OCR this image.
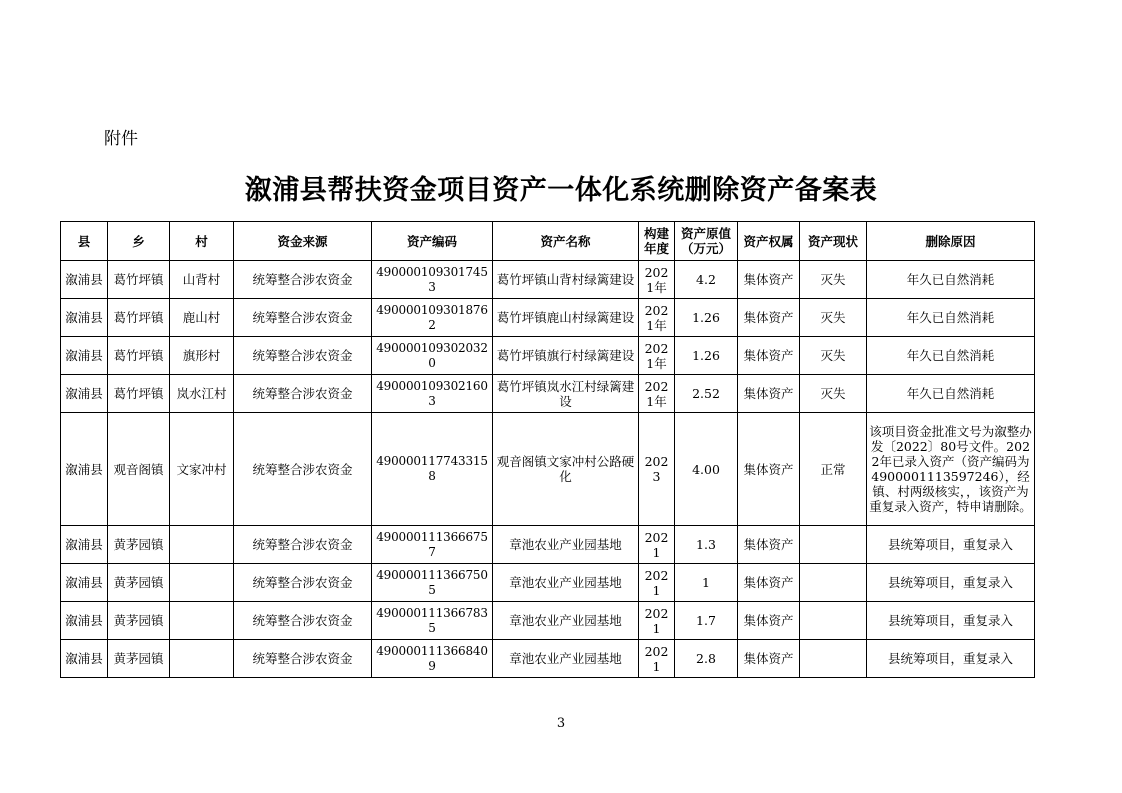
附件
溆浦县帮扶资金项目资产一体化系统删除资产备案表
县	乡	村	资金来源	资产编码	资产名称	构建年度	资产原值（万元）	资产权属	资产现状	删除原因
溆浦县	葛竹坪镇	山背村	统筹整合涉农资金	4900001093017453	葛竹坪镇山背村绿篱建设	2021年	4.2	集体资产	灭失	年久已自然消耗
溆浦县	葛竹坪镇	鹿山村	统筹整合涉农资金	4900001093018762	葛竹坪镇鹿山村绿篱建设	2021年	1.26	集体资产	灭失	年久已自然消耗
溆浦县	葛竹坪镇	旗形村	统筹整合涉农资金	4900001093020320	葛竹坪镇旗行村绿篱建设	2021年	1.26	集体资产	灭失	年久已自然消耗
溆浦县	葛竹坪镇	岚水江村	统筹整合涉农资金	4900001093021603	葛竹坪镇岚水江村绿篱建设	2021年	2.52	集体资产	灭失	年久已自然消耗
溆浦县	观音阁镇	文家冲村	统筹整合涉农资金	4900001177433158	观音阁镇文家冲村公路硬化	2023	4.00	集体资产	正常	该项目资金批准文号为溆整办发〔2022〕80号文件。2022年已录入资产（资产编码为4900001113597246），经镇、村两级核实，，该资产为重复录入资产，特申请删除。
溆浦县	黄茅园镇		统筹整合涉农资金	4900001113666757	章池农业产业园基地	2021	1.3	集体资产		县统筹项目，重复录入
溆浦县	黄茅园镇		统筹整合涉农资金	4900001113667505	章池农业产业园基地	2021	1	集体资产		县统筹项目，重复录入
溆浦县	黄茅园镇		统筹整合涉农资金	4900001113667835	章池农业产业园基地	2021	1.7	集体资产		县统筹项目，重复录入
溆浦县	黄茅园镇		统筹整合涉农资金	4900001113668409	章池农业产业园基地	2021	2.8	集体资产		县统筹项目，重复录入
3
